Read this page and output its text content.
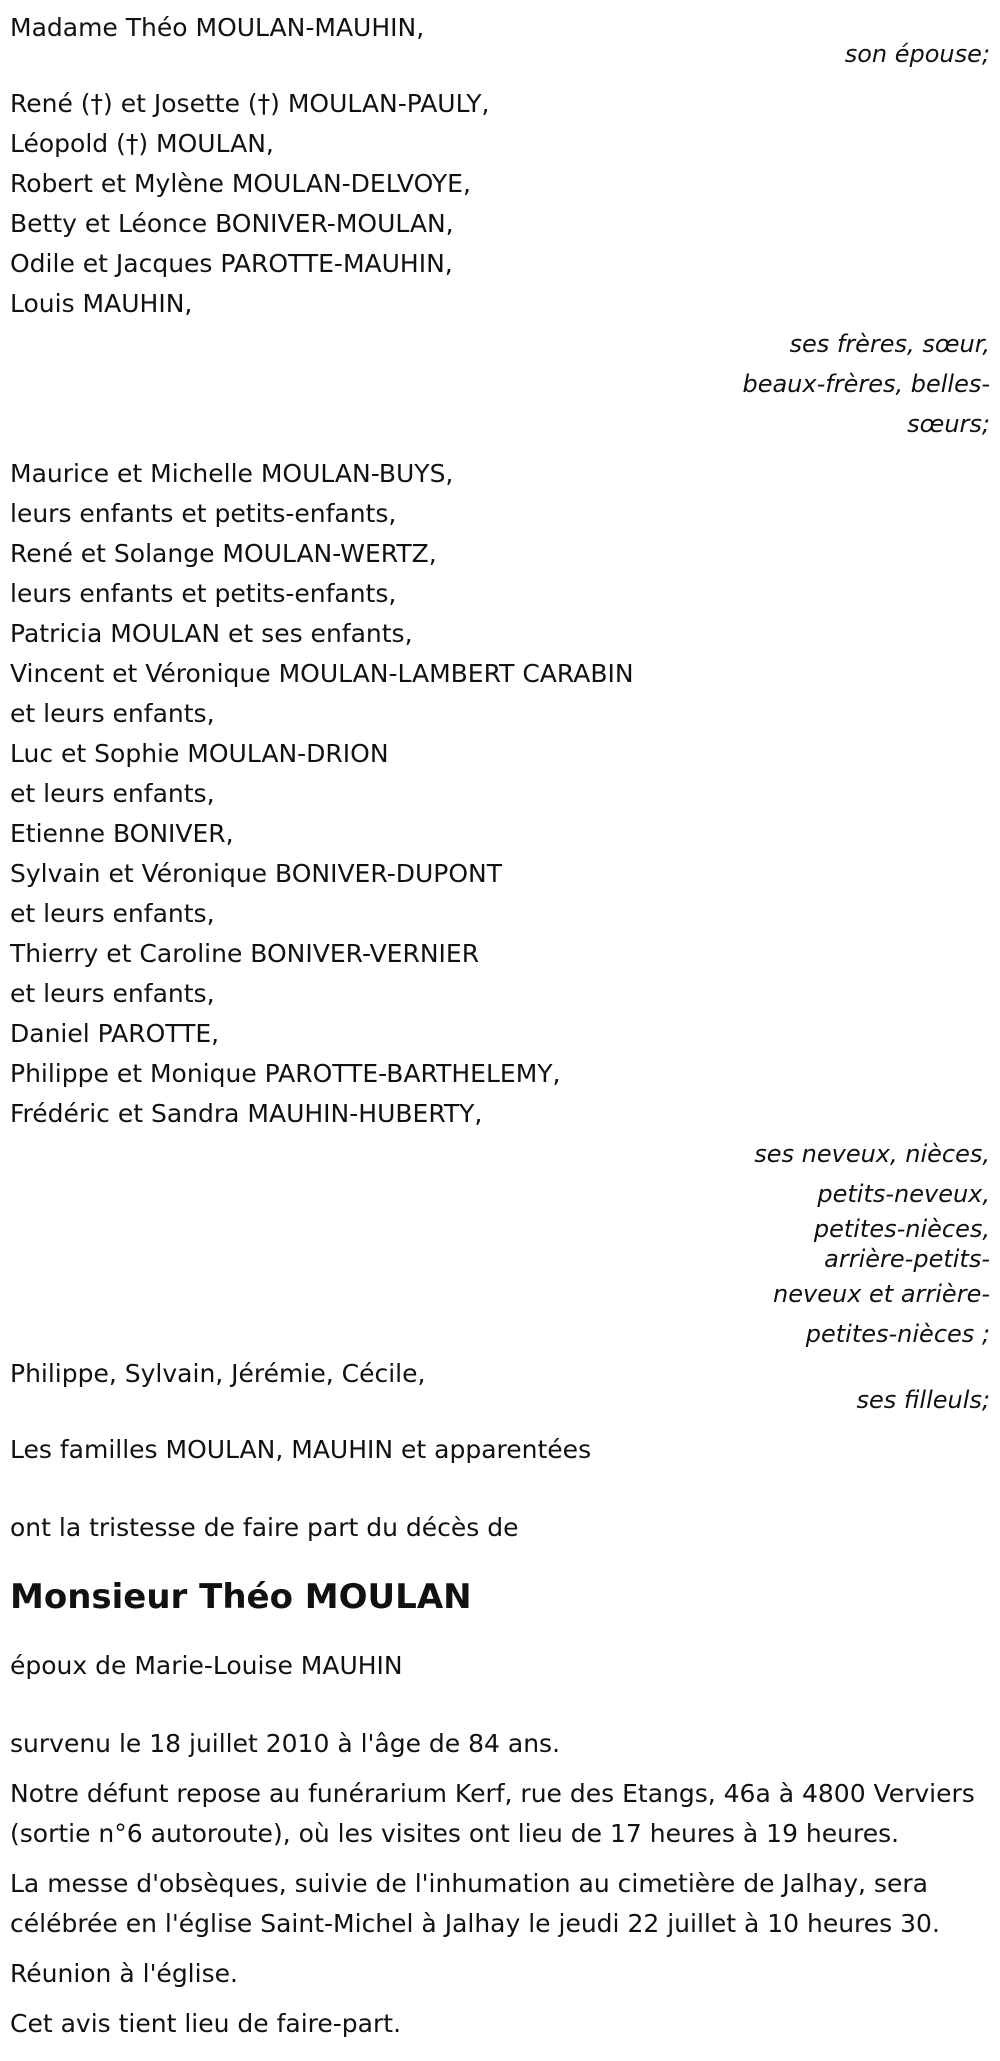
Madame Théo MOULAN-MAUHIN,
son épouse;
René (†) et Josette (†) MOULAN-PAULY,
Léopold (†) MOULAN,
Robert et Mylène MOULAN-DELVOYE,
Betty et Léonce BONIVER-MOULAN,
Odile et Jacques PAROTTE-MAUHIN,
Louis MAUHIN,
ses frères, sœur,
beaux-frères, belles-
sœurs;
Maurice et Michelle MOULAN-BUYS,
leurs enfants et petits-enfants,
René et Solange MOULAN-WERTZ,
leurs enfants et petits-enfants,
Patricia MOULAN et ses enfants,
Vincent et Véronique MOULAN-LAMBERT CARABIN
et leurs enfants,
Luc et Sophie MOULAN-DRION
et leurs enfants,
Etienne BONIVER,
Sylvain et Véronique BONIVER-DUPONT
et leurs enfants,
Thierry et Caroline BONIVER-VERNIER
et leurs enfants,
Daniel PAROTTE,
Philippe et Monique PAROTTE-BARTHELEMY,
Frédéric et Sandra MAUHIN-HUBERTY,
ses neveux, nièces,
petits-neveux,
petites-nièces,
arrière-petits-
neveux et arrière-
petites-nièces ;
Philippe, Sylvain, Jérémie, Cécile,
ses filleuls;
Les familles MOULAN, MAUHIN et apparentées
ont la tristesse de faire part du décès de
Monsieur Théo MOULAN
époux de Marie-Louise MAUHIN
survenu le 18 juillet 2010 à l'âge de 84 ans.
Notre défunt repose au funérarium Kerf, rue des Etangs, 46a à 4800 Verviers (sortie n°6 autoroute), où les visites ont lieu de 17 heures à 19 heures.
La messe d'obsèques, suivie de l'inhumation au cimetière de Jalhay, sera célébrée en l'église Saint-Michel à Jalhay le jeudi 22 juillet à 10 heures 30.
Réunion à l'église.
Cet avis tient lieu de faire-part.
